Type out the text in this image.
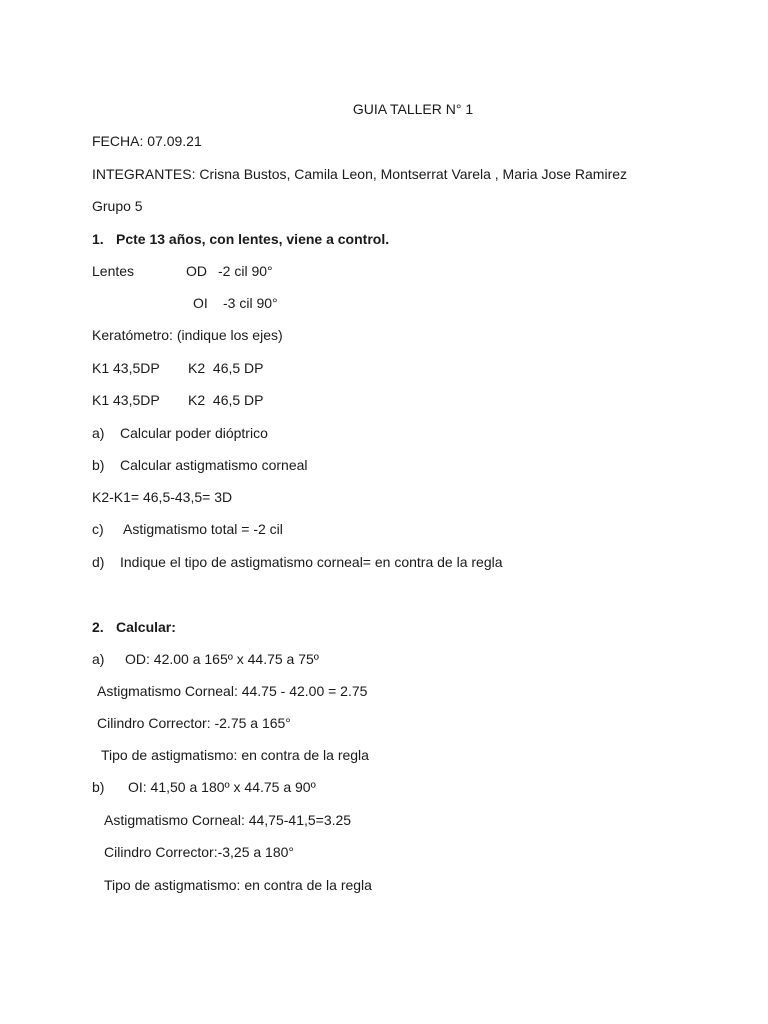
GUIA TALLER N° 1
FECHA: 07.09.21
INTEGRANTES: Crisna Bustos, Camila Leon, Montserrat Varela , Maria Jose Ramirez
Grupo 5
1. Pcte 13 años, con lentes, viene a control.
Lentes	OD -2 cil 90°
OI -3 cil 90°
Keratómetro: (indique los ejes)
K1 43,5DP K2  46,5 DP
K1 43,5DP K2  46,5 DP
a) Calcular poder dióptrico
b) Calcular astigmatismo corneal
K2-K1= 46,5-43,5= 3D
c) Astigmatismo total = -2 cil
d) Indique el tipo de astigmatismo corneal= en contra de la regla
2. Calcular:
a) OD: 42.00 a 165º x 44.75 a 75º
Astigmatismo Corneal: 44.75 - 42.00 = 2.75
Cilindro Corrector: -2.75 a 165°
Tipo de astigmatismo: en contra de la regla
b) OI: 41,50 a 180º x 44.75 a 90º
Astigmatismo Corneal: 44,75-41,5=3.25
Cilindro Corrector:-3,25 a 180°
Tipo de astigmatismo: en contra de la regla
